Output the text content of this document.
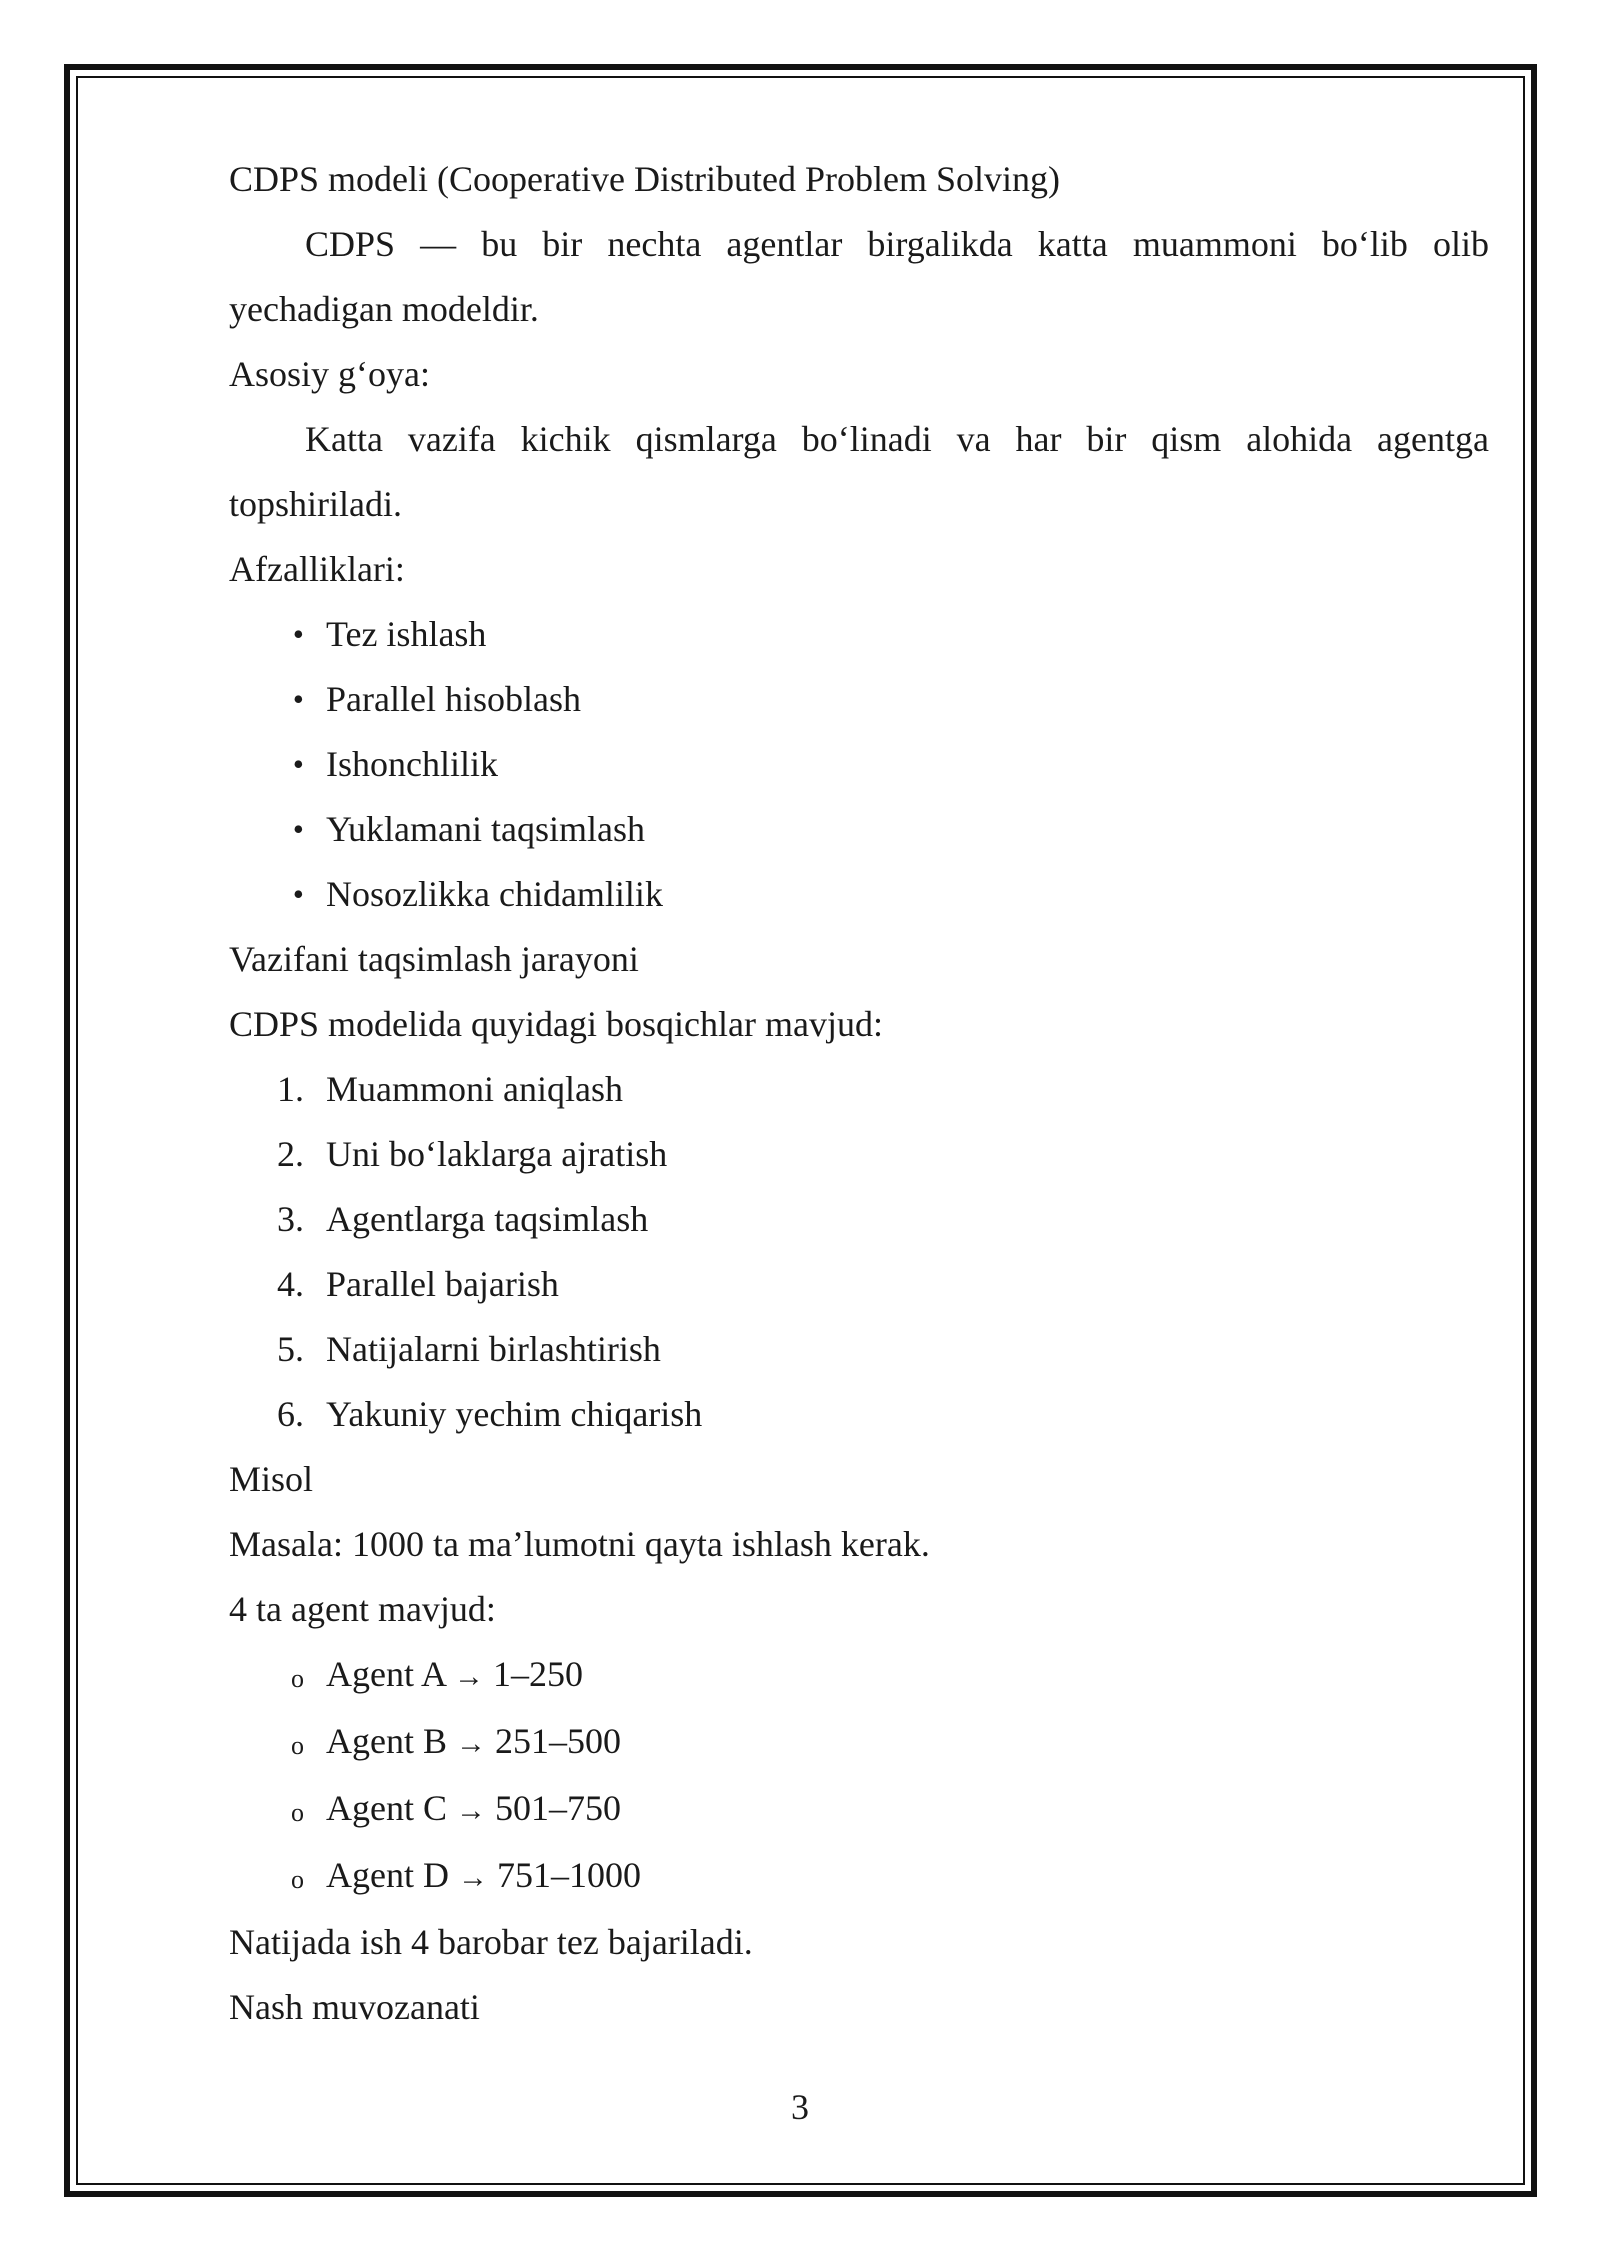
CDPS modeli (Cooperative Distributed Problem Solving)

CDPS — bu bir nechta agentlar birgalikda katta muammoni bo‘lib olib yechadigan modeldir.

Asosiy g‘oya:

Katta vazifa kichik qismlarga bo‘linadi va har bir qism alohida agentga topshiriladi.

Afzalliklari:

• Tez ishlash
• Parallel hisoblash
• Ishonchlilik
• Yuklamani taqsimlash
• Nosozlikka chidamlilik

Vazifani taqsimlash jarayoni

CDPS modelida quyidagi bosqichlar mavjud:

1. Muammoni aniqlash
2. Uni bo‘laklarga ajratish
3. Agentlarga taqsimlash
4. Parallel bajarish
5. Natijalarni birlashtirish
6. Yakuniy yechim chiqarish

Misol

Masala: 1000 ta ma’lumotni qayta ishlash kerak.

4 ta agent mavjud:

o Agent A → 1–250
o Agent B → 251–500
o Agent C → 501–750
o Agent D → 751–1000

Natijada ish 4 barobar tez bajariladi.

Nash muvozanati

3
